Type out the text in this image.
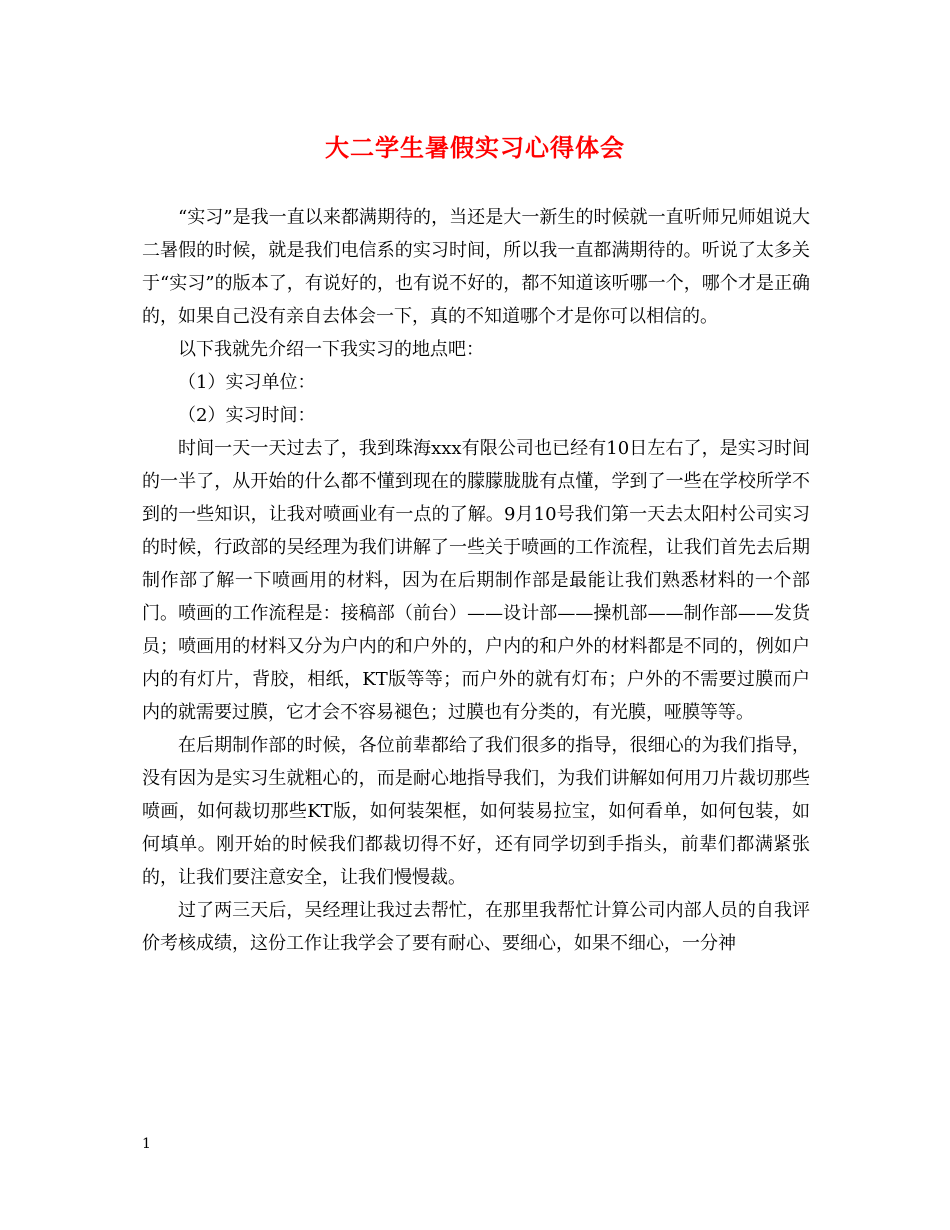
大二学生暑假实习心得体会

“实习”是我一直以来都满期待的，当还是大一新生的时候就一直听师兄师姐说大二暑假的时候，就是我们电信系的实习时间，所以我一直都满期待的。听说了太多关于“实习”的版本了，有说好的，也有说不好的，都不知道该听哪一个，哪个才是正确的，如果自己没有亲自去体会一下，真的不知道哪个才是你可以相信的。

以下我就先介绍一下我实习的地点吧：

（1）实习单位：

（2）实习时间：

时间一天一天过去了，我到珠海xxx有限公司也已经有10日左右了，是实习时间的一半了，从开始的什么都不懂到现在的朦朦胧胧有点懂，学到了一些在学校所学不到的一些知识，让我对喷画业有一点的了解。9月10号我们第一天去太阳村公司实习的时候，行政部的吴经理为我们讲解了一些关于喷画的工作流程，让我们首先去后期制作部了解一下喷画用的材料，因为在后期制作部是最能让我们熟悉材料的一个部门。喷画的工作流程是：接稿部（前台）——设计部——操机部——制作部——发货员；喷画用的材料又分为户内的和户外的，户内的和户外的材料都是不同的，例如户内的有灯片，背胶，相纸，KT版等等；而户外的就有灯布；户外的不需要过膜而户内的就需要过膜，它才会不容易褪色；过膜也有分类的，有光膜，哑膜等等。

在后期制作部的时候，各位前辈都给了我们很多的指导，很细心的为我们指导，没有因为是实习生就粗心的，而是耐心地指导我们，为我们讲解如何用刀片裁切那些喷画，如何裁切那些KT版，如何装架框，如何装易拉宝，如何看单，如何包装，如何填单。刚开始的时候我们都裁切得不好，还有同学切到手指头，前辈们都满紧张的，让我们要注意安全，让我们慢慢裁。

过了两三天后，吴经理让我过去帮忙，在那里我帮忙计算公司内部人员的自我评价考核成绩，这份工作让我学会了要有耐心、要细心，如果不细心，一分神

1
